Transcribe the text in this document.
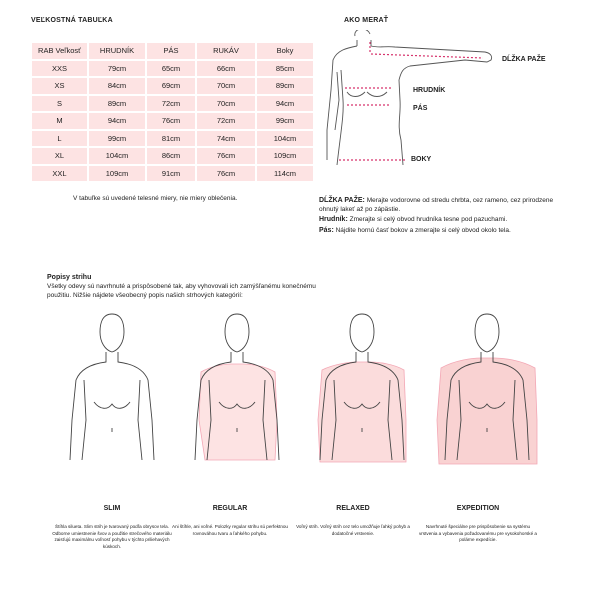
VEĽKOSTNÁ TABUĽKA
RAB Veľkosť	HRUDNÍK	PÁS	RUKÁV	Boky
XXS	79cm	65cm	66cm	85cm
XS	84cm	69cm	70cm	89cm
S	89cm	72cm	70cm	94cm
M	94cm	76cm	72cm	99cm
L	99cm	81cm	74cm	104cm
XL	104cm	86cm	76cm	109cm
XXL	109cm	91cm	76cm	114cm
V tabuľke sú uvedené telesné miery, nie miery oblečenia.
AKO MERAŤ
DĹŽKA PAŽE
HRUDNÍK
PÁS
BOKY
DĹŽKA PAŽE: Merajte vodorovne od stredu chrbta, cez rameno, cez prirodzene ohnutý lakeť až po zápästie.
Hrudník: Zmerajte si celý obvod hrudníka tesne pod pazuchami.
Pás: Nájdite hornú časť bokov a zmerajte si celý obvod okolo tela.
Popisy strihu
Všetky odevy sú navrhnuté a prispôsobené tak, aby vyhovovali ich zamýšľanému konečnému použitiu. Nižšie nájdete všeobecný popis našich strhových kategórií:
SLIM	REGULAR	RELAXED	EXPEDITION
Štíhla silueta. Slim strih je tvarovaný podľa obrysov tela. Odborne umiestnenie švov a použitie strečového materiálu zaisťujú maximálnu voľnosť pohybu v týchto priliehavých kúskoch.
Ani štíhle, ani voľné. Polozky regular strihu sú perfektnou rovnováhou tvaru a ľahkého pohybu.
Voľný strih. Voľný strih cez telo umožňuje ľahký pohyb a dodatočné vrstvenie.
Navrhnuté špeciálne pre prispôsobenie sa systému vrstvenia a vybavenia požadovanému pre vysokohorské a polárne expedície.
